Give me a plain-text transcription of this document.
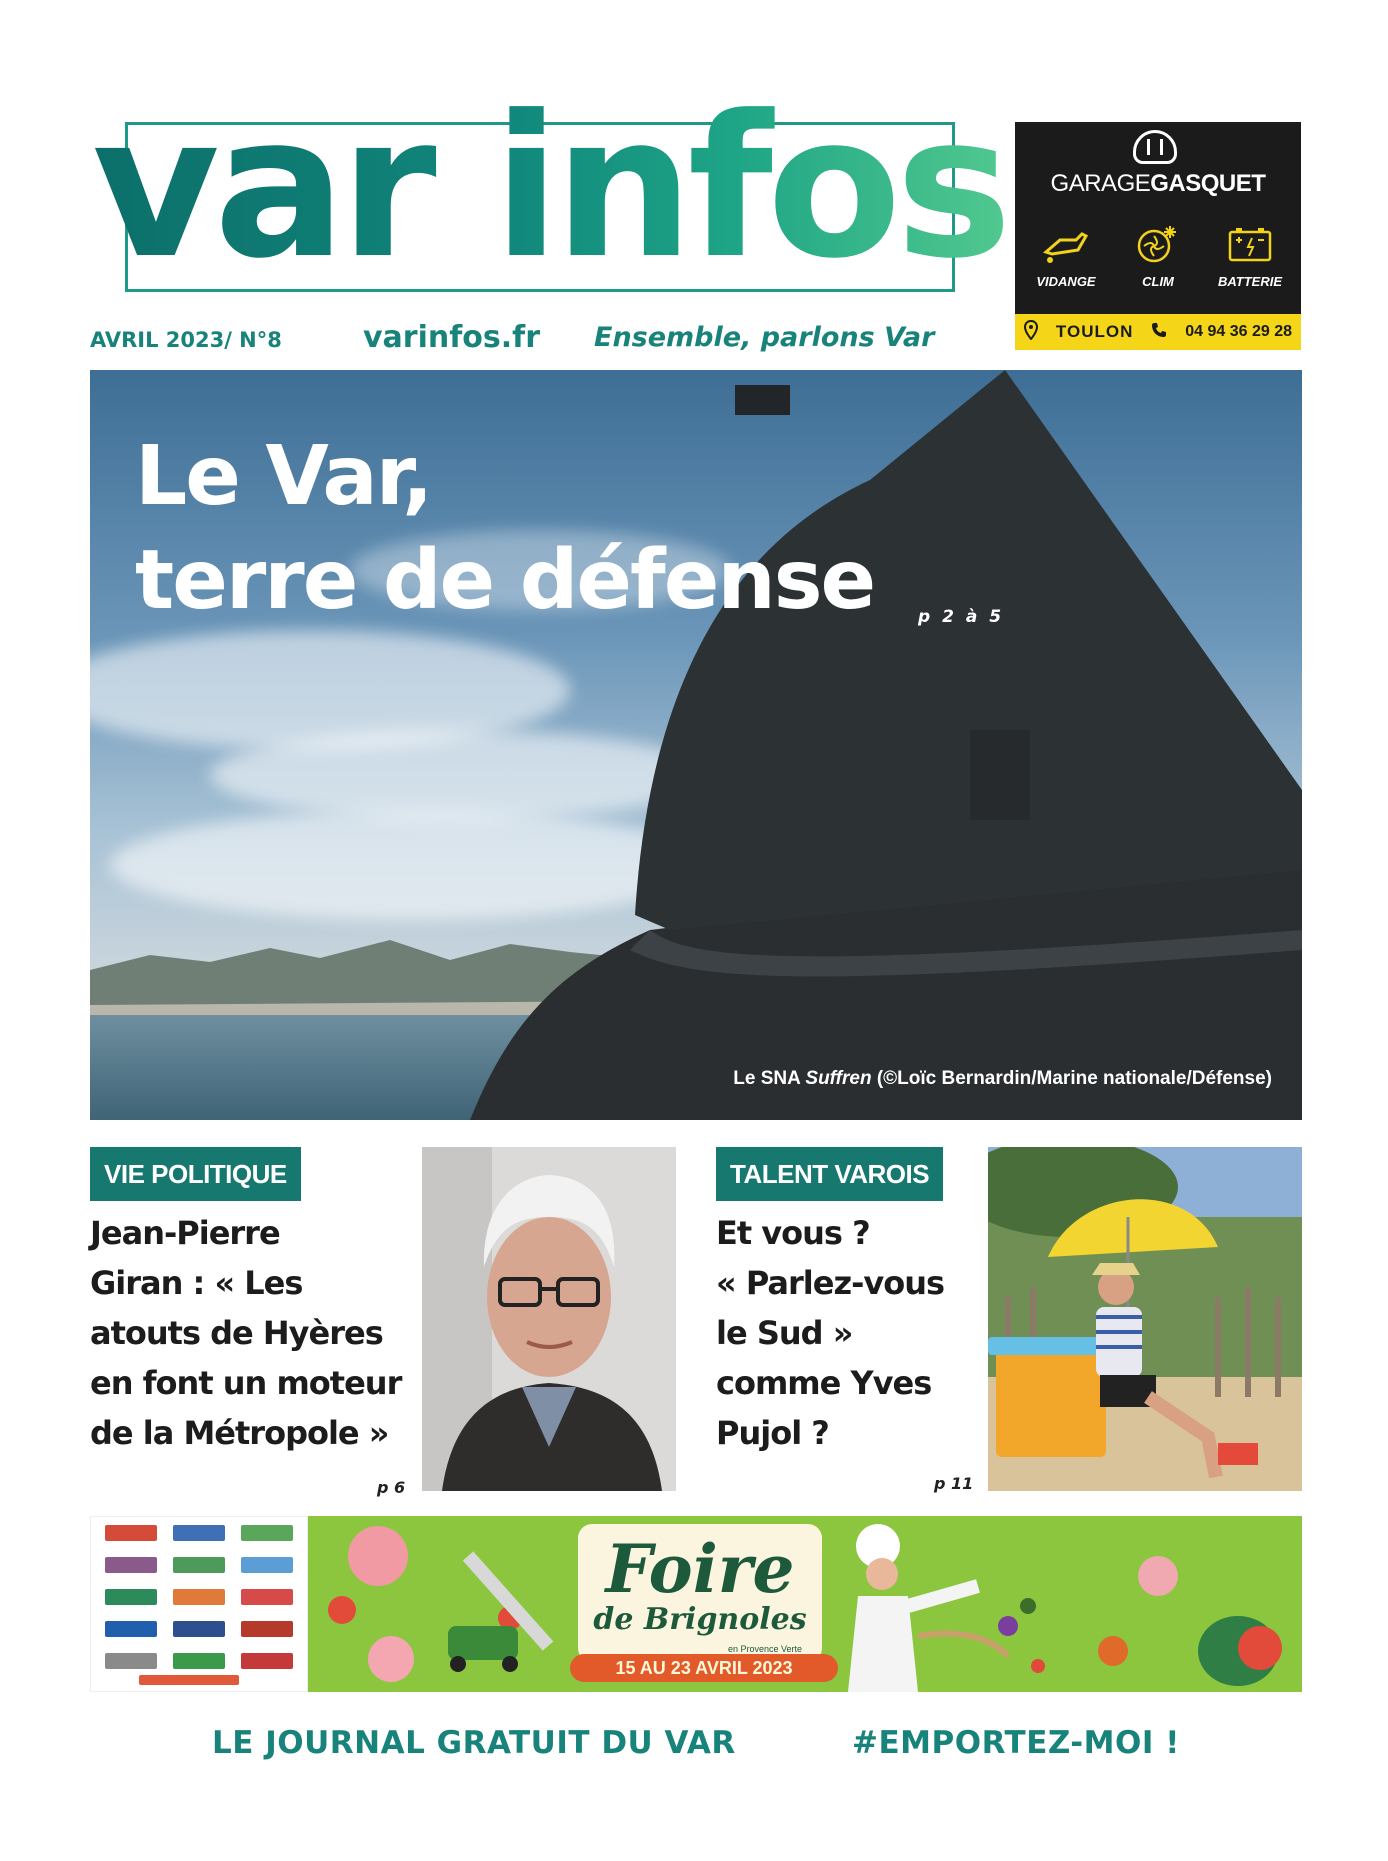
var infos
AVRIL 2023/ N°8	varinfos.fr Ensemble, parlons Var
GARAGEGASQUET
VIDANGE	CLIM	BATTERIE
TOULON	04 94 36 29 28
Le Var,
terre de défense	p 2 à 5
Le SNA Suffren (©Loïc Bernardin/Marine nationale/Défense)
VIE POLITIQUE
Jean-Pierre
Giran : « Les
atouts de Hyères
en font un moteur
de la Métropole »
p 6
TALENT VAROIS
Et vous ?
« Parlez-vous
le Sud »
comme Yves
Pujol ?
p 11
Foire
de Brignoles
en Provence Verte
15 AU 23 AVRIL 2023
LE JOURNAL GRATUIT DU VAR	#EMPORTEZ-MOI !
